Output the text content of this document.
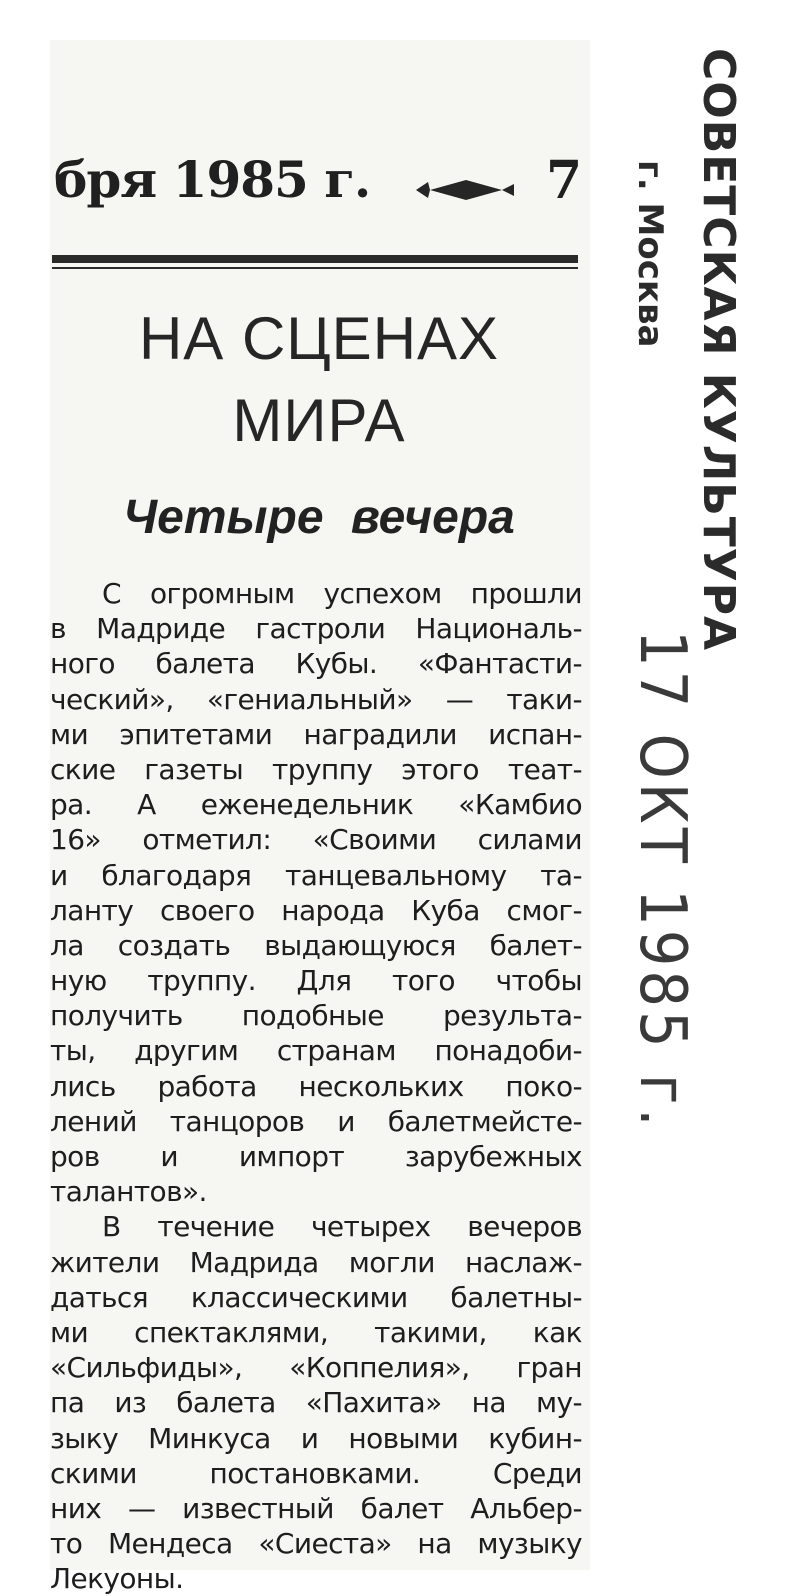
бря 1985 г.	7
НА СЦЕНАХ
МИРА
Четыре вечера
С огромным успехом прошли
в Мадриде гастроли Националь-
ного балета Кубы. «Фантасти-
ческий», «гениальный» — таки-
ми эпитетами наградили испан-
ские газеты труппу этого теат-
ра. А еженедельник «Камбио
16» отметил: «Своими силами
и благодаря танцевальному та-
ланту своего народа Куба смог-
ла создать выдающуюся балет-
ную труппу. Для того чтобы
получить подобные результа-
ты, другим странам понадоби-
лись работа нескольких поко-
лений танцоров и балетмейсте-
ров и импорт зарубежных
талантов».
В течение четырех вечеров
жители Мадрида могли наслаж-
даться классическими балетны-
ми спектаклями, такими, как
«Сильфиды», «Коппелия», гран
па из балета «Пахита» на му-
зыку Минкуса и новыми кубин-
скими постановками. Среди
них — известный балет Альбер-
то Мендеса «Сиеста» на музыку
Лекуоны.
СОВЕТСКАЯ КУЛЬТУРА
г. Москва
17 ОКТ 1985 г.
